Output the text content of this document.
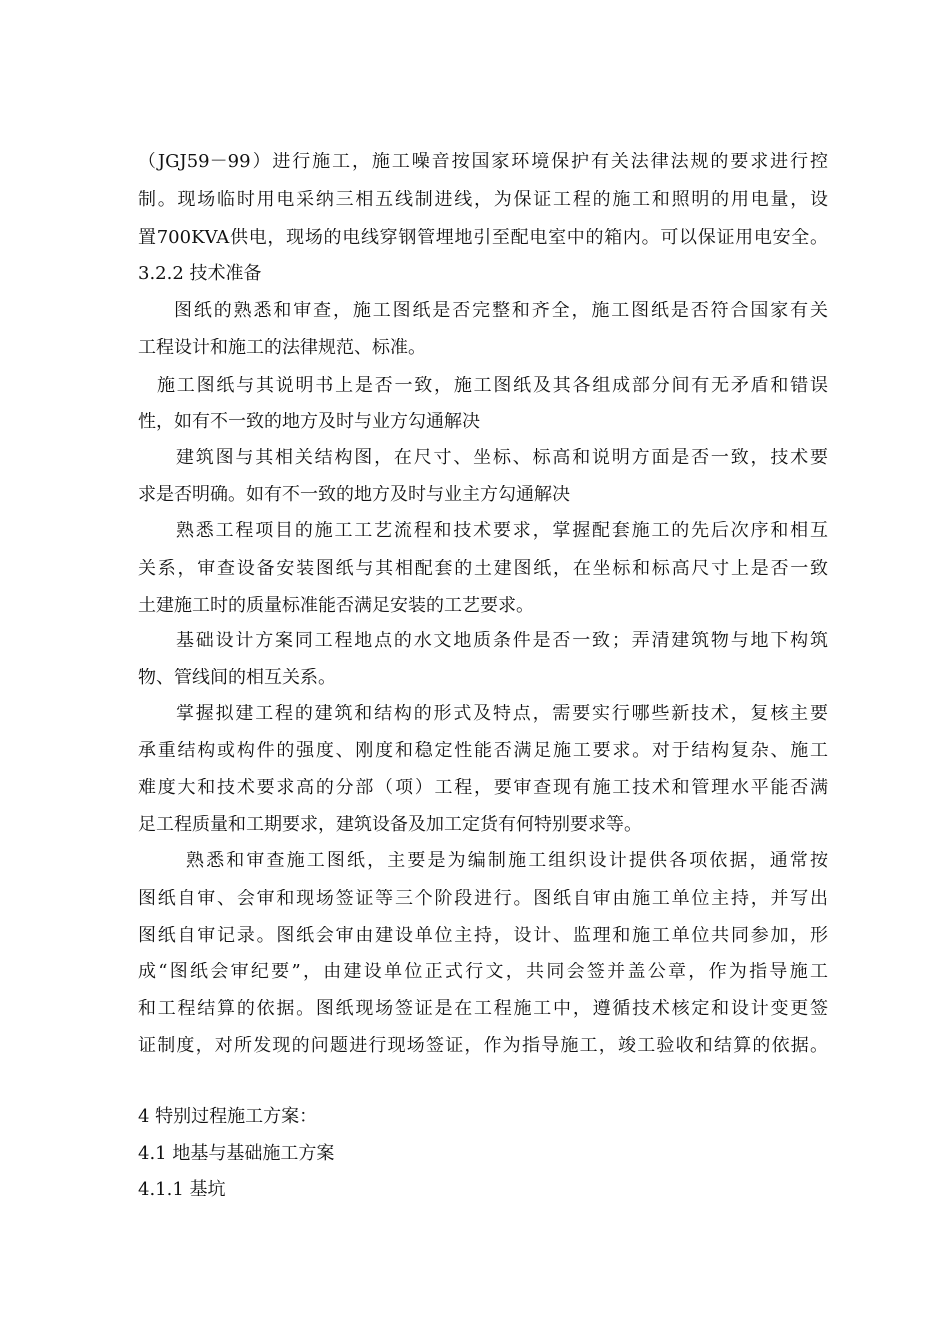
（JGJ59－99）进行施工，施工噪音按国家环境保护有关法律法规的要求进行控
制。现场临时用电采纳三相五线制进线，为保证工程的施工和照明的用电量，设
置700KVA供电，现场的电线穿钢管埋地引至配电室中的箱内。可以保证用电安全。
3.2.2 技术准备
图纸的熟悉和审查，施工图纸是否完整和齐全，施工图纸是否符合国家有关
工程设计和施工的法律规范、标准。
施工图纸与其说明书上是否一致，施工图纸及其各组成部分间有无矛盾和错误
性，如有不一致的地方及时与业方勾通解决
建筑图与其相关结构图，在尺寸、坐标、标高和说明方面是否一致，技术要
求是否明确。如有不一致的地方及时与业主方勾通解决
熟悉工程项目的施工工艺流程和技术要求，掌握配套施工的先后次序和相互
关系，审查设备安装图纸与其相配套的土建图纸，在坐标和标高尺寸上是否一致
土建施工时的质量标准能否满足安装的工艺要求。
基础设计方案同工程地点的水文地质条件是否一致；弄清建筑物与地下构筑
物、管线间的相互关系。
掌握拟建工程的建筑和结构的形式及特点，需要实行哪些新技术，复核主要
承重结构或构件的强度、刚度和稳定性能否满足施工要求。对于结构复杂、施工
难度大和技术要求高的分部（项）工程，要审查现有施工技术和管理水平能否满
足工程质量和工期要求，建筑设备及加工定货有何特别要求等。
熟悉和审查施工图纸，主要是为编制施工组织设计提供各项依据，通常按
图纸自审、会审和现场签证等三个阶段进行。图纸自审由施工单位主持，并写出
图纸自审记录。图纸会审由建设单位主持，设计、监理和施工单位共同参加，形
成“图纸会审纪要”，由建设单位正式行文，共同会签并盖公章，作为指导施工
和工程结算的依据。图纸现场签证是在工程施工中，遵循技术核定和设计变更签
证制度，对所发现的问题进行现场签证，作为指导施工，竣工验收和结算的依据。
4 特别过程施工方案：
4.1 地基与基础施工方案
4.1.1 基坑
